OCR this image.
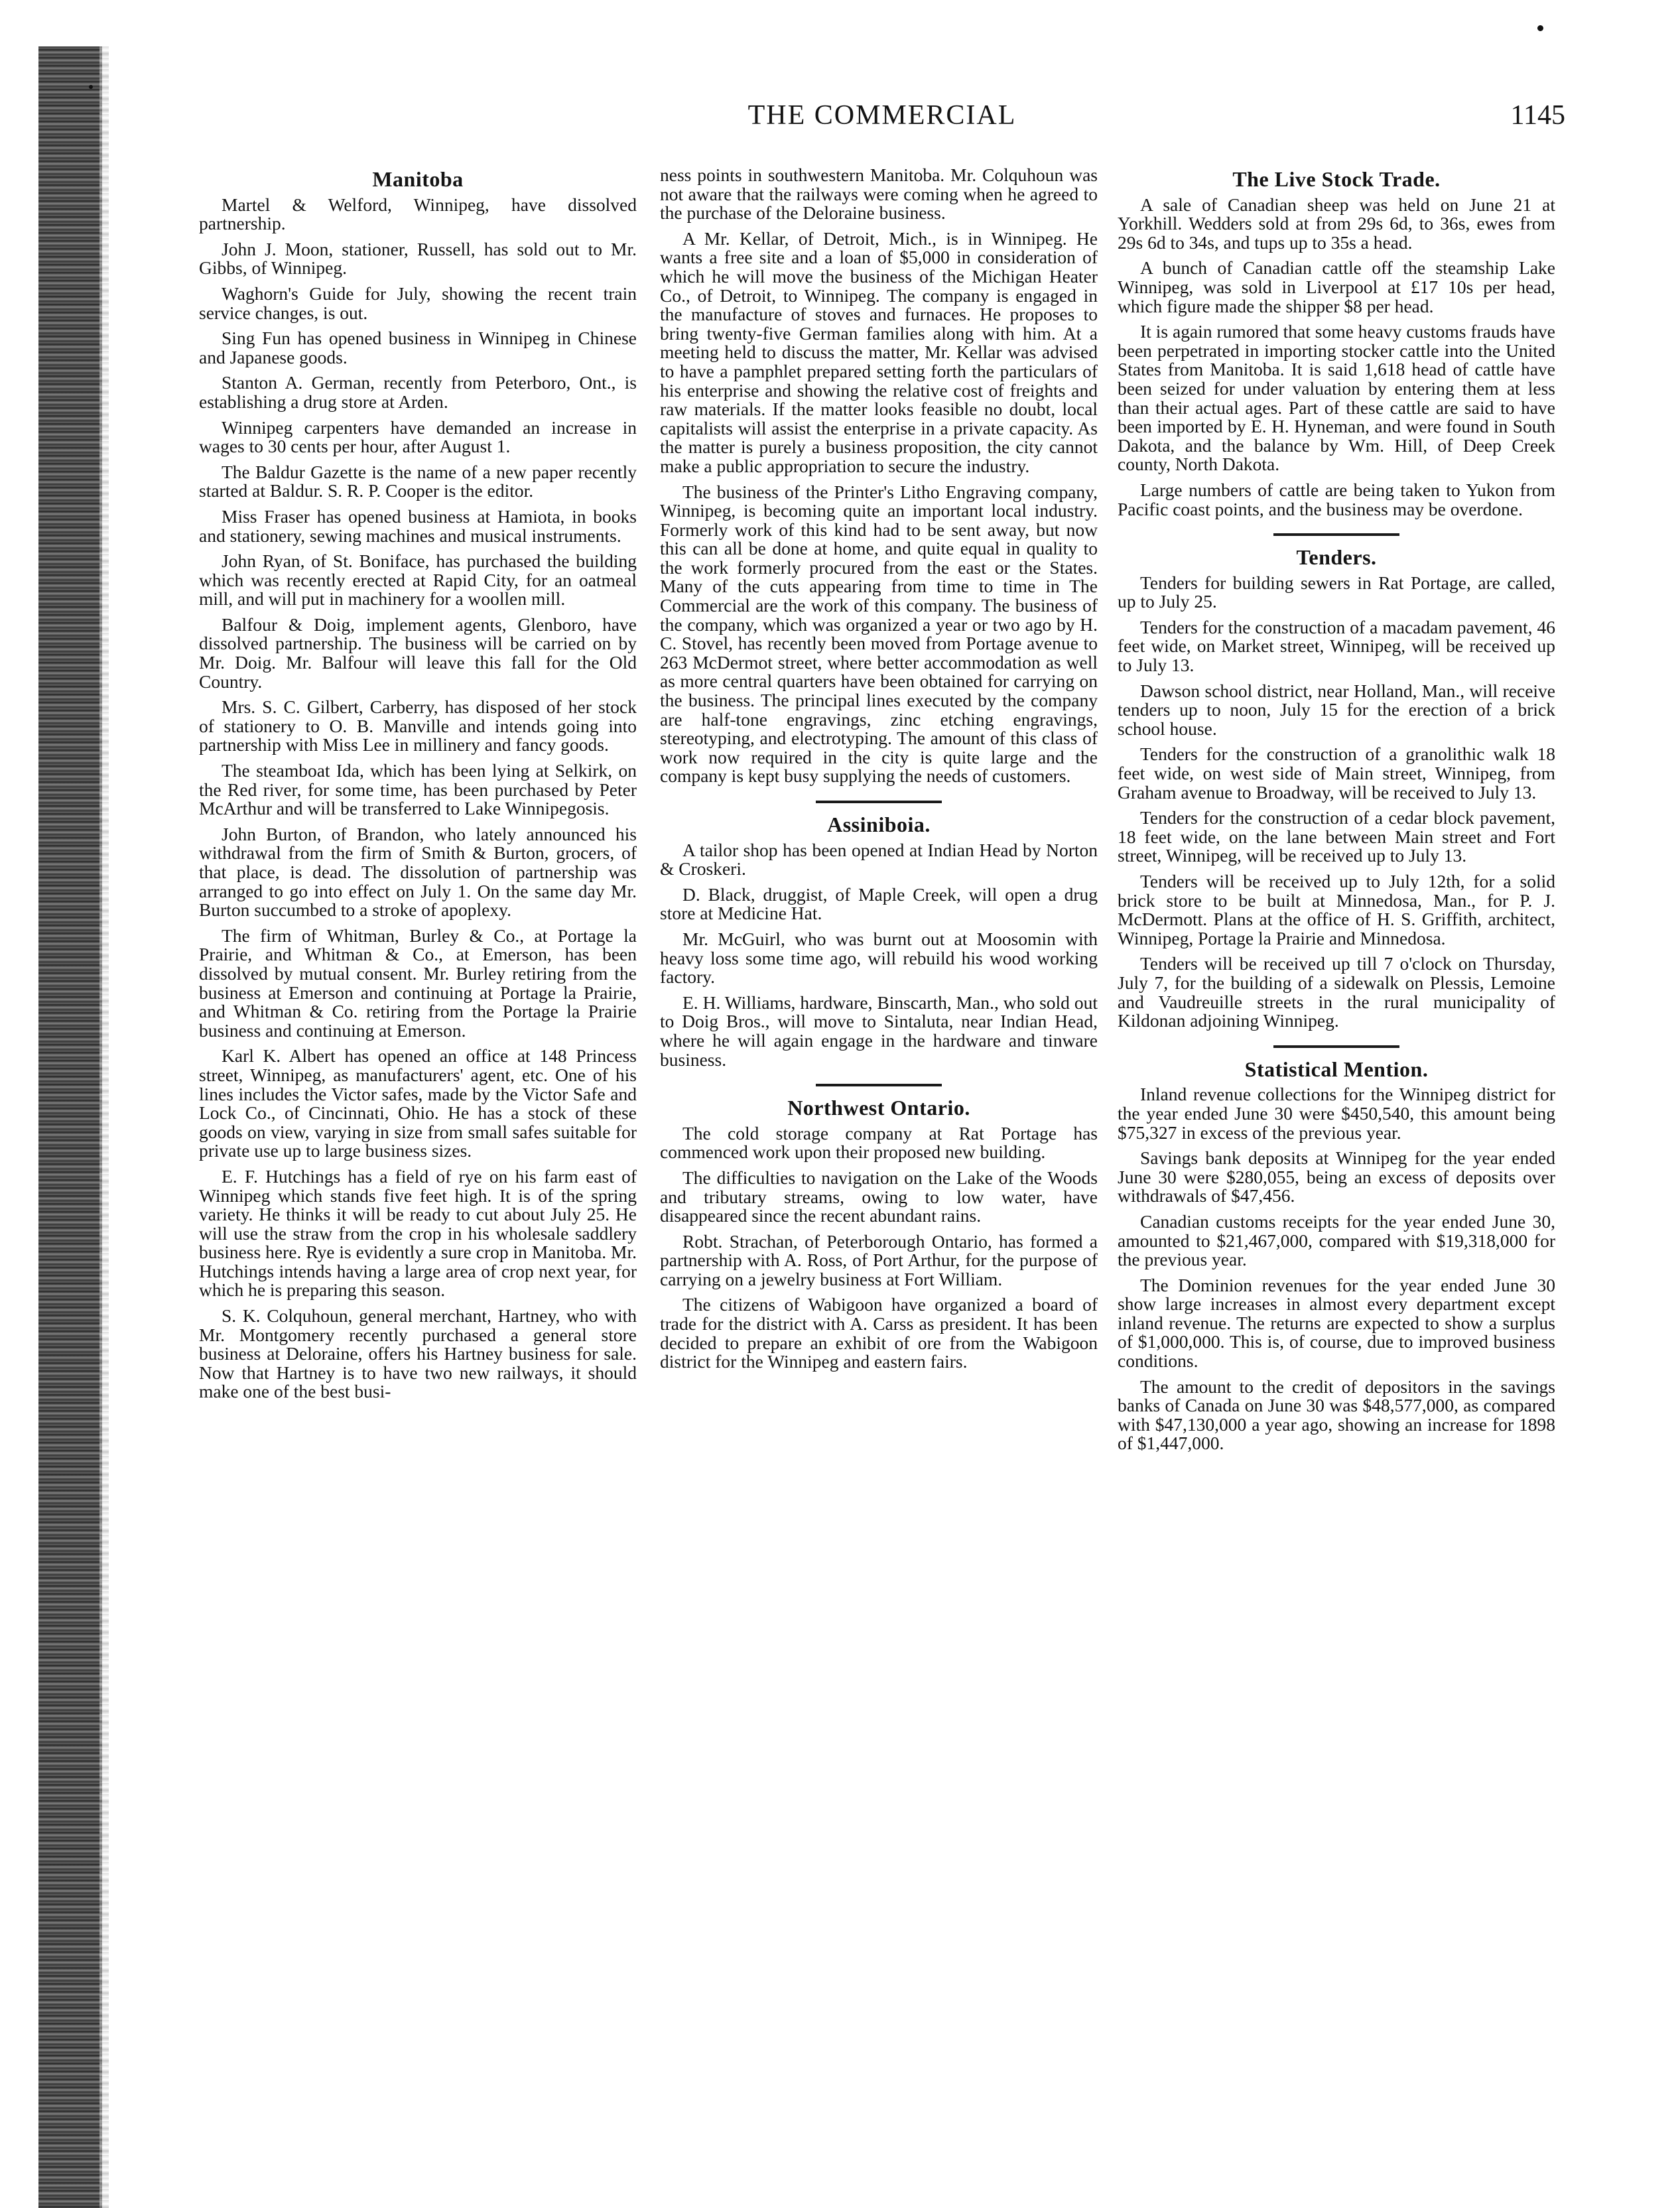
THE COMMERCIAL	1145
Manitoba

Martel & Welford, Winnipeg, have dissolved partnership.

John J. Moon, stationer, Russell, has sold out to Mr. Gibbs, of Winnipeg.

Waghorn's Guide for July, showing the recent train service changes, is out.

Sing Fun has opened business in Winnipeg in Chinese and Japanese goods.

Stanton A. German, recently from Peterboro, Ont., is establishing a drug store at Arden.

Winnipeg carpenters have demanded an increase in wages to 30 cents per hour, after August 1.

The Baldur Gazette is the name of a new paper recently started at Baldur. S. R. P. Cooper is the editor.

Miss Fraser has opened business at Hamiota, in books and stationery, sewing machines and musical instruments.

John Ryan, of St. Boniface, has purchased the building which was recently erected at Rapid City, for an oatmeal mill, and will put in machinery for a woollen mill.

Balfour & Doig, implement agents, Glenboro, have dissolved partnership. The business will be carried on by Mr. Doig. Mr. Balfour will leave this fall for the Old Country.

Mrs. S. C. Gilbert, Carberry, has disposed of her stock of stationery to O. B. Manville and intends going into partnership with Miss Lee in millinery and fancy goods.

The steamboat Ida, which has been lying at Selkirk, on the Red river, for some time, has been purchased by Peter McArthur and will be transferred to Lake Winnipegosis.

John Burton, of Brandon, who lately announced his withdrawal from the firm of Smith & Burton, grocers, of that place, is dead. The dissolution of partnership was arranged to go into effect on July 1. On the same day Mr. Burton succumbed to a stroke of apoplexy.

The firm of Whitman, Burley & Co., at Portage la Prairie, and Whitman & Co., at Emerson, has been dissolved by mutual consent. Mr. Burley retiring from the business at Emerson and continuing at Portage la Prairie, and Whitman & Co. retiring from the Portage la Prairie business and continuing at Emerson.

Karl K. Albert has opened an office at 148 Princess street, Winnipeg, as manufacturers' agent, etc. One of his lines includes the Victor safes, made by the Victor Safe and Lock Co., of Cincinnati, Ohio. He has a stock of these goods on view, varying in size from small safes suitable for private use up to large business sizes.

E. F. Hutchings has a field of rye on his farm east of Winnipeg which stands five feet high. It is of the spring variety. He thinks it will be ready to cut about July 25. He will use the straw from the crop in his wholesale saddlery business here. Rye is evidently a sure crop in Manitoba. Mr. Hutchings intends having a large area of crop next year, for which he is preparing this season.

S. K. Colquhoun, general merchant, Hartney, who with Mr. Montgomery recently purchased a general store business at Deloraine, offers his Hartney business for sale. Now that Hartney is to have two new railways, it should make one of the best busi-

ness points in southwestern Manitoba. Mr. Colquhoun was not aware that the railways were coming when he agreed to the purchase of the Deloraine business.

A Mr. Kellar, of Detroit, Mich., is in Winnipeg. He wants a free site and a loan of $5,000 in consideration of which he will move the business of the Michigan Heater Co., of Detroit, to Winnipeg. The company is engaged in the manufacture of stoves and furnaces. He proposes to bring twenty-five German families along with him. At a meeting held to discuss the matter, Mr. Kellar was advised to have a pamphlet prepared setting forth the particulars of his enterprise and showing the relative cost of freights and raw materials. If the matter looks feasible no doubt, local capitalists will assist the enterprise in a private capacity. As the matter is purely a business proposition, the city cannot make a public appropriation to secure the industry.

The business of the Printer's Litho Engraving company, Winnipeg, is becoming quite an important local industry. Formerly work of this kind had to be sent away, but now this can all be done at home, and quite equal in quality to the work formerly procured from the east or the States. Many of the cuts appearing from time to time in The Commercial are the work of this company. The business of the company, which was organized a year or two ago by H. C. Stovel, has recently been moved from Portage avenue to 263 McDermot street, where better accommodation as well as more central quarters have been obtained for carrying on the business. The principal lines executed by the company are half-tone engravings, zinc etching engravings, stereotyping, and electrotyping. The amount of this class of work now required in the city is quite large and the company is kept busy supplying the needs of customers.

Assiniboia.

A tailor shop has been opened at Indian Head by Norton & Croskeri.

D. Black, druggist, of Maple Creek, will open a drug store at Medicine Hat.

Mr. McGuirl, who was burnt out at Moosomin with heavy loss some time ago, will rebuild his wood working factory.

E. H. Williams, hardware, Binscarth, Man., who sold out to Doig Bros., will move to Sintaluta, near Indian Head, where he will again engage in the hardware and tinware business.

Northwest Ontario.

The cold storage company at Rat Portage has commenced work upon their proposed new building.

The difficulties to navigation on the Lake of the Woods and tributary streams, owing to low water, have disappeared since the recent abundant rains.

Robt. Strachan, of Peterborough Ontario, has formed a partnership with A. Ross, of Port Arthur, for the purpose of carrying on a jewelry business at Fort William.

The citizens of Wabigoon have organized a board of trade for the district with A. Carss as president. It has been decided to prepare an exhibit of ore from the Wabigoon district for the Winnipeg and eastern fairs.

The Live Stock Trade.

A sale of Canadian sheep was held on June 21 at Yorkhill. Wedders sold at from 29s 6d, to 36s, ewes from 29s 6d to 34s, and tups up to 35s a head.

A bunch of Canadian cattle off the steamship Lake Winnipeg, was sold in Liverpool at £17 10s per head, which figure made the shipper $8 per head.

It is again rumored that some heavy customs frauds have been perpetrated in importing stocker cattle into the United States from Manitoba. It is said 1,618 head of cattle have been seized for under valuation by entering them at less than their actual ages. Part of these cattle are said to have been imported by E. H. Hyneman, and were found in South Dakota, and the balance by Wm. Hill, of Deep Creek county, North Dakota.

Large numbers of cattle are being taken to Yukon from Pacific coast points, and the business may be overdone.

Tenders.

Tenders for building sewers in Rat Portage, are called, up to July 25.

Tenders for the construction of a macadam pavement, 46 feet wide, on Market street, Winnipeg, will be received up to July 13.

Dawson school district, near Holland, Man., will receive tenders up to noon, July 15 for the erection of a brick school house.

Tenders for the construction of a granolithic walk 18 feet wide, on west side of Main street, Winnipeg, from Graham avenue to Broadway, will be received to July 13.

Tenders for the construction of a cedar block pavement, 18 feet wide, on the lane between Main street and Fort street, Winnipeg, will be received up to July 13.

Tenders will be received up to July 12th, for a solid brick store to be built at Minnedosa, Man., for P. J. McDermott. Plans at the office of H. S. Griffith, architect, Winnipeg, Portage la Prairie and Minnedosa.

Tenders will be received up till 7 o'clock on Thursday, July 7, for the building of a sidewalk on Plessis, Lemoine and Vaudreuille streets in the rural municipality of Kildonan adjoining Winnipeg.

Statistical Mention.

Inland revenue collections for the Winnipeg district for the year ended June 30 were $450,540, this amount being $75,327 in excess of the previous year.

Savings bank deposits at Winnipeg for the year ended June 30 were $280,055, being an excess of deposits over withdrawals of $47,456.

Canadian customs receipts for the year ended June 30, amounted to $21,467,000, compared with $19,318,000 for the previous year.

The Dominion revenues for the year ended June 30 show large increases in almost every department except inland revenue. The returns are expected to show a surplus of $1,000,000. This is, of course, due to improved business conditions.

The amount to the credit of depositors in the savings banks of Canada on June 30 was $48,577,000, as compared with $47,130,000 a year ago, showing an increase for 1898 of $1,447,000.
